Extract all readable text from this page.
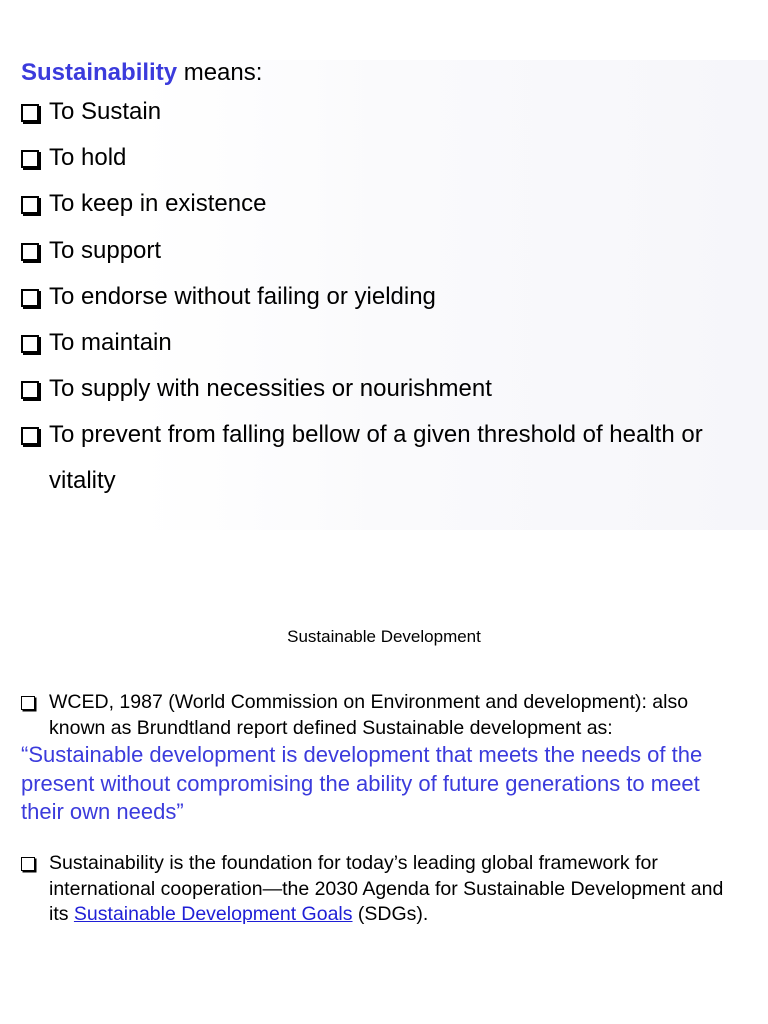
Sustainability means:
To Sustain
To hold
To keep in existence
To support
To endorse without failing or yielding
To maintain
To supply with necessities or nourishment
To prevent from falling bellow of a given threshold of health or vitality
Sustainable Development
WCED, 1987 (World Commission on Environment and development): also known as Brundtland report defined Sustainable development as:
“Sustainable development is development that meets the needs of the present without compromising the ability of future generations to meet their own needs”
Sustainability is the foundation for today’s leading global framework for international cooperation—the 2030 Agenda for Sustainable Development and its Sustainable Development Goals (SDGs).
